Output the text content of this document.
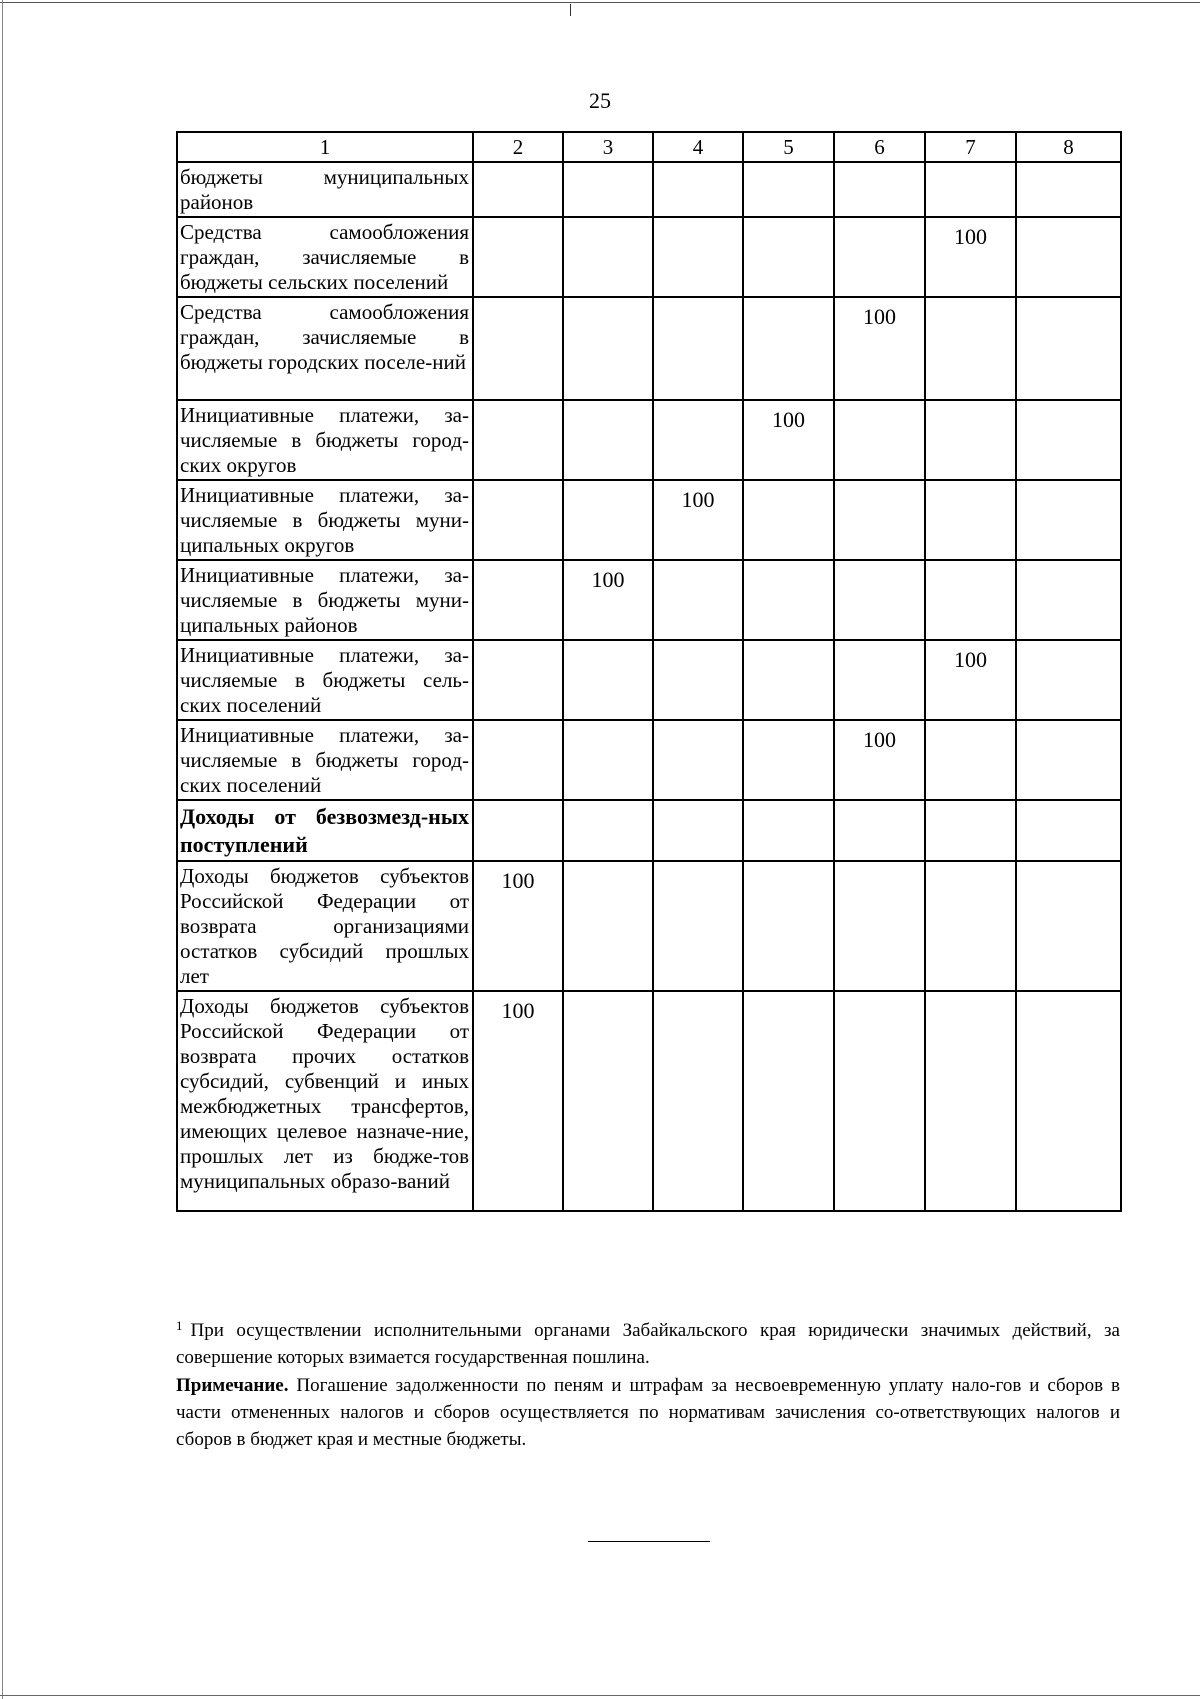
25
1	2	3	4	5	6	7	8
бюджеты муниципальных районов							
Средства самообложения граждан, зачисляемые в бюджеты сельских поселений						100	
Средства самообложения граждан, зачисляемые в бюджеты городских поселе-ний					100		
Инициативные платежи, за-числяемые в бюджеты город-ских округов				100			
Инициативные платежи, за-числяемые в бюджеты муни-ципальных округов			100				
Инициативные платежи, за-числяемые в бюджеты муни-ципальных районов		100					
Инициативные платежи, за-числяемые в бюджеты сель-ских поселений						100	
Инициативные платежи, за-числяемые в бюджеты город-ских поселений					100		
Доходы от безвозмезд-ных поступлений							
Доходы бюджетов субъектов Российской Федерации от возврата организациями остатков субсидий прошлых лет	100						
Доходы бюджетов субъектов Российской Федерации от возврата прочих остатков субсидий, субвенций и иных межбюджетных трансфертов, имеющих целевое назначе-ние, прошлых лет из бюдже-тов муниципальных образо-ваний	100						

$^1$ При осуществлении исполнительными органами Забайкальского края юридически значимых действий, за совершение которых взимается государственная пошлина.

Примечание. Погашение задолженности по пеням и штрафам за несвоевременную уплату нало-гов и сборов в части отмененных налогов и сборов осуществляется по нормативам зачисления со-ответствующих налогов и сборов в бюджет края и местные бюджеты.
